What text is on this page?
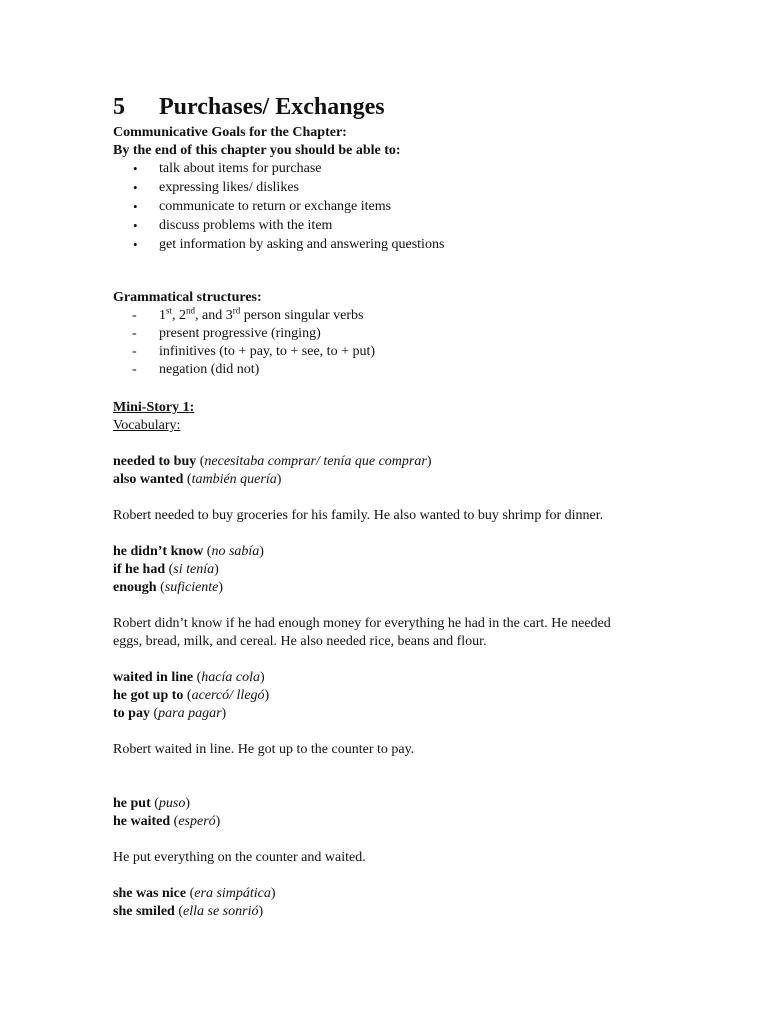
5	Purchases/ Exchanges

Communicative Goals for the Chapter:

By the end of this chapter you should be able to:

• talk about items for purchase
• expressing likes/ dislikes
• communicate to return or exchange items
• discuss problems with the item
• get information by asking and answering questions

Grammatical structures:

- 1st, 2nd, and 3rd person singular verbs
- present progressive (ringing)
- infinitives (to + pay, to + see, to + put)
- negation (did not)

Mini-Story 1:

Vocabulary:

needed to buy (necesitaba comprar/ tenía que comprar)

also wanted (también quería)

Robert needed to buy groceries for his family. He also wanted to buy shrimp for dinner.

he didn’t know (no sabía)

if he had (si tenía)

enough (suficiente)

Robert didn’t know if he had enough money for everything he had in the cart. He needed

eggs, bread, milk, and cereal. He also needed rice, beans and flour.

waited in line (hacía cola)

he got up to (acercó/ llegó)

to pay (para pagar)

Robert waited in line. He got up to the counter to pay.

he put (puso)

he waited (esperó)

He put everything on the counter and waited.

she was nice (era simpática)

she smiled (ella se sonrió)
